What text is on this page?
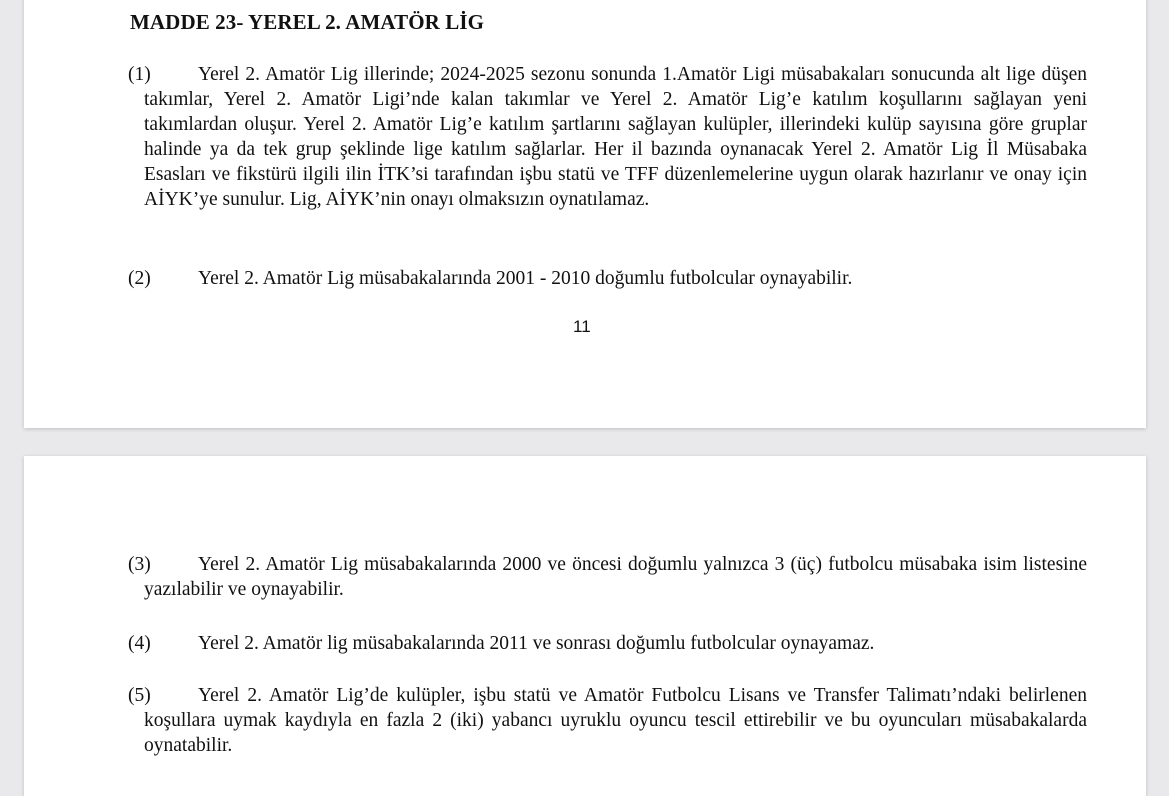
MADDE 23- YEREL 2. AMATÖR LİG
(1) Yerel 2. Amatör Lig illerinde; 2024-2025 sezonu sonunda 1.Amatör Ligi müsabakaları sonucunda alt lige düşen takımlar, Yerel 2. Amatör Ligi’nde kalan takımlar ve Yerel 2. Amatör Lig’e katılım koşullarını sağlayan yeni takımlardan oluşur. Yerel 2. Amatör Lig’e katılım şartlarını sağlayan kulüpler, illerindeki kulüp sayısına göre gruplar halinde ya da tek grup şeklinde lige katılım sağlarlar. Her il bazında oynanacak Yerel 2. Amatör Lig İl Müsabaka Esasları ve fikstürü ilgili ilin İTK’si tarafından işbu statü ve TFF düzenlemelerine uygun olarak hazırlanır ve onay için AİYK’ye sunulur. Lig, AİYK’nin onayı olmaksızın oynatılamaz.
(2) Yerel 2. Amatör Lig müsabakalarında 2001 - 2010 doğumlu futbolcular oynayabilir.
11
(3) Yerel 2. Amatör Lig müsabakalarında 2000 ve öncesi doğumlu yalnızca 3 (üç) futbolcu müsabaka isim listesine yazılabilir ve oynayabilir.
(4) Yerel 2. Amatör lig müsabakalarında 2011 ve sonrası doğumlu futbolcular oynayamaz.
(5) Yerel 2. Amatör Lig’de kulüpler, işbu statü ve Amatör Futbolcu Lisans ve Transfer Talimatı’ndaki belirlenen koşullara uymak kaydıyla en fazla 2 (iki) yabancı uyruklu oyuncu tescil ettirebilir ve bu oyuncuları müsabakalarda oynatabilir.
